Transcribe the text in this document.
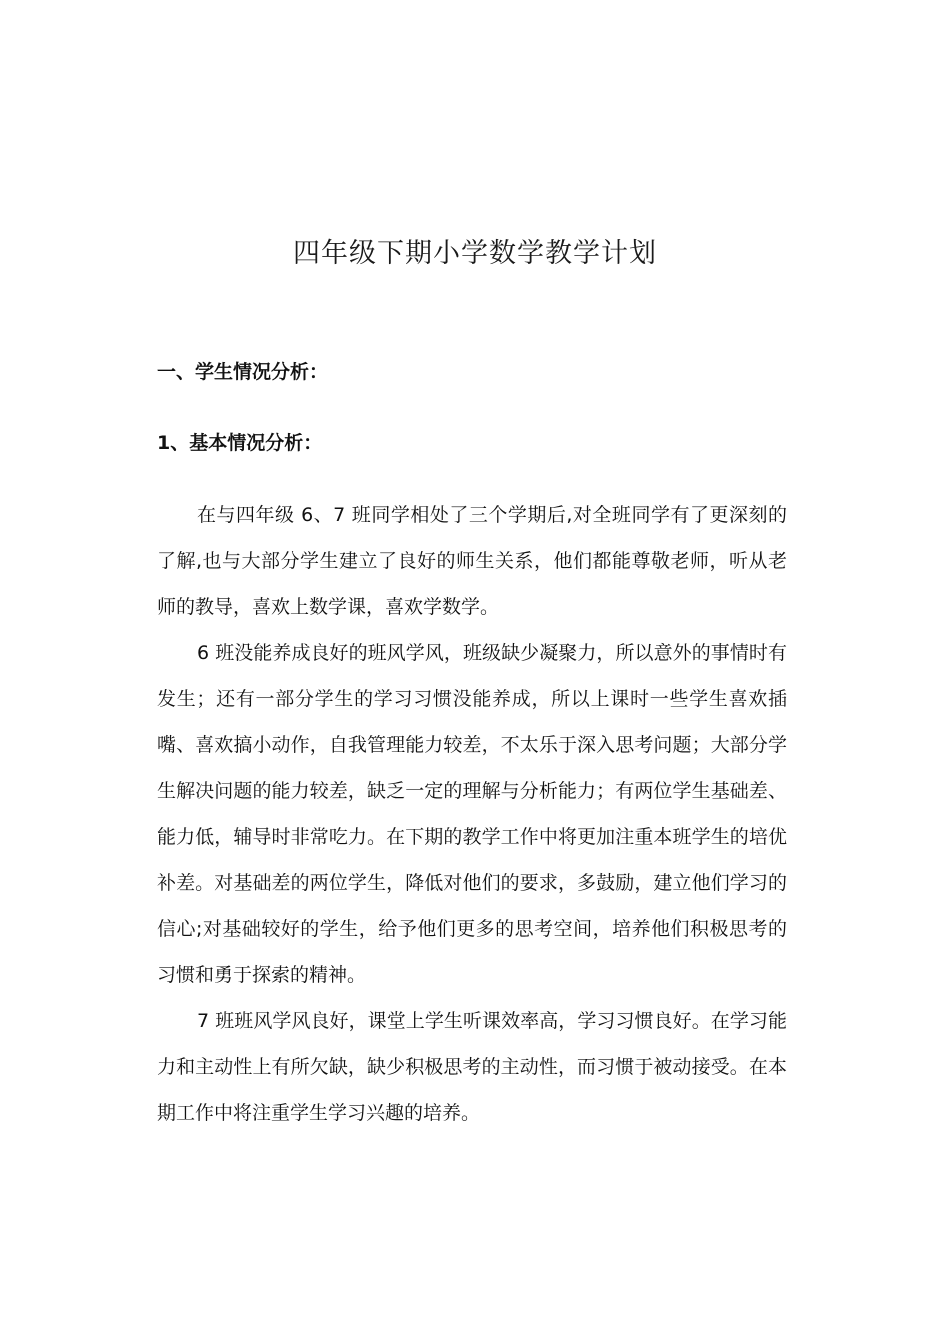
四年级下期小学数学教学计划
一、学生情况分析：
1、基本情况分析：

在与四年级 6、7 班同学相处了三个学期后,对全班同学有了更深刻的了解,也与大部分学生建立了良好的师生关系，他们都能尊敬老师，听从老师的教导，喜欢上数学课，喜欢学数学。

6 班没能养成良好的班风学风，班级缺少凝聚力，所以意外的事情时有发生；还有一部分学生的学习习惯没能养成，所以上课时一些学生喜欢插嘴、喜欢搞小动作，自我管理能力较差，不太乐于深入思考问题；大部分学生解决问题的能力较差，缺乏一定的理解与分析能力；有两位学生基础差、能力低，辅导时非常吃力。在下期的教学工作中将更加注重本班学生的培优补差。对基础差的两位学生，降低对他们的要求，多鼓励，建立他们学习的信心;对基础较好的学生，给予他们更多的思考空间，培养他们积极思考的习惯和勇于探索的精神。

7 班班风学风良好，课堂上学生听课效率高，学习习惯良好。在学习能力和主动性上有所欠缺，缺少积极思考的主动性，而习惯于被动接受。在本期工作中将注重学生学习兴趣的培养。
